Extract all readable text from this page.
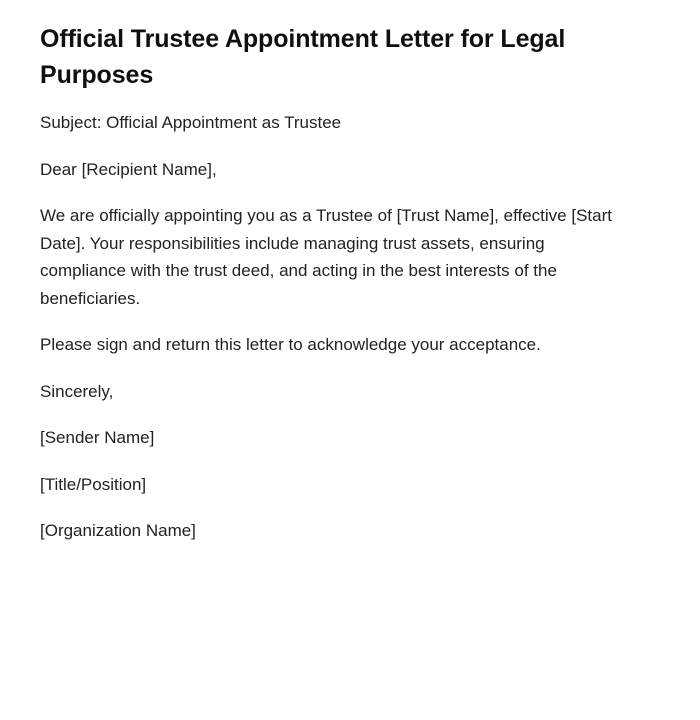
Official Trustee Appointment Letter for Legal Purposes

Subject: Official Appointment as Trustee

Dear [Recipient Name],

We are officially appointing you as a Trustee of [Trust Name], effective [Start Date]. Your responsibilities include managing trust assets, ensuring compliance with the trust deed, and acting in the best interests of the beneficiaries.

Please sign and return this letter to acknowledge your acceptance.

Sincerely,

[Sender Name]

[Title/Position]

[Organization Name]
